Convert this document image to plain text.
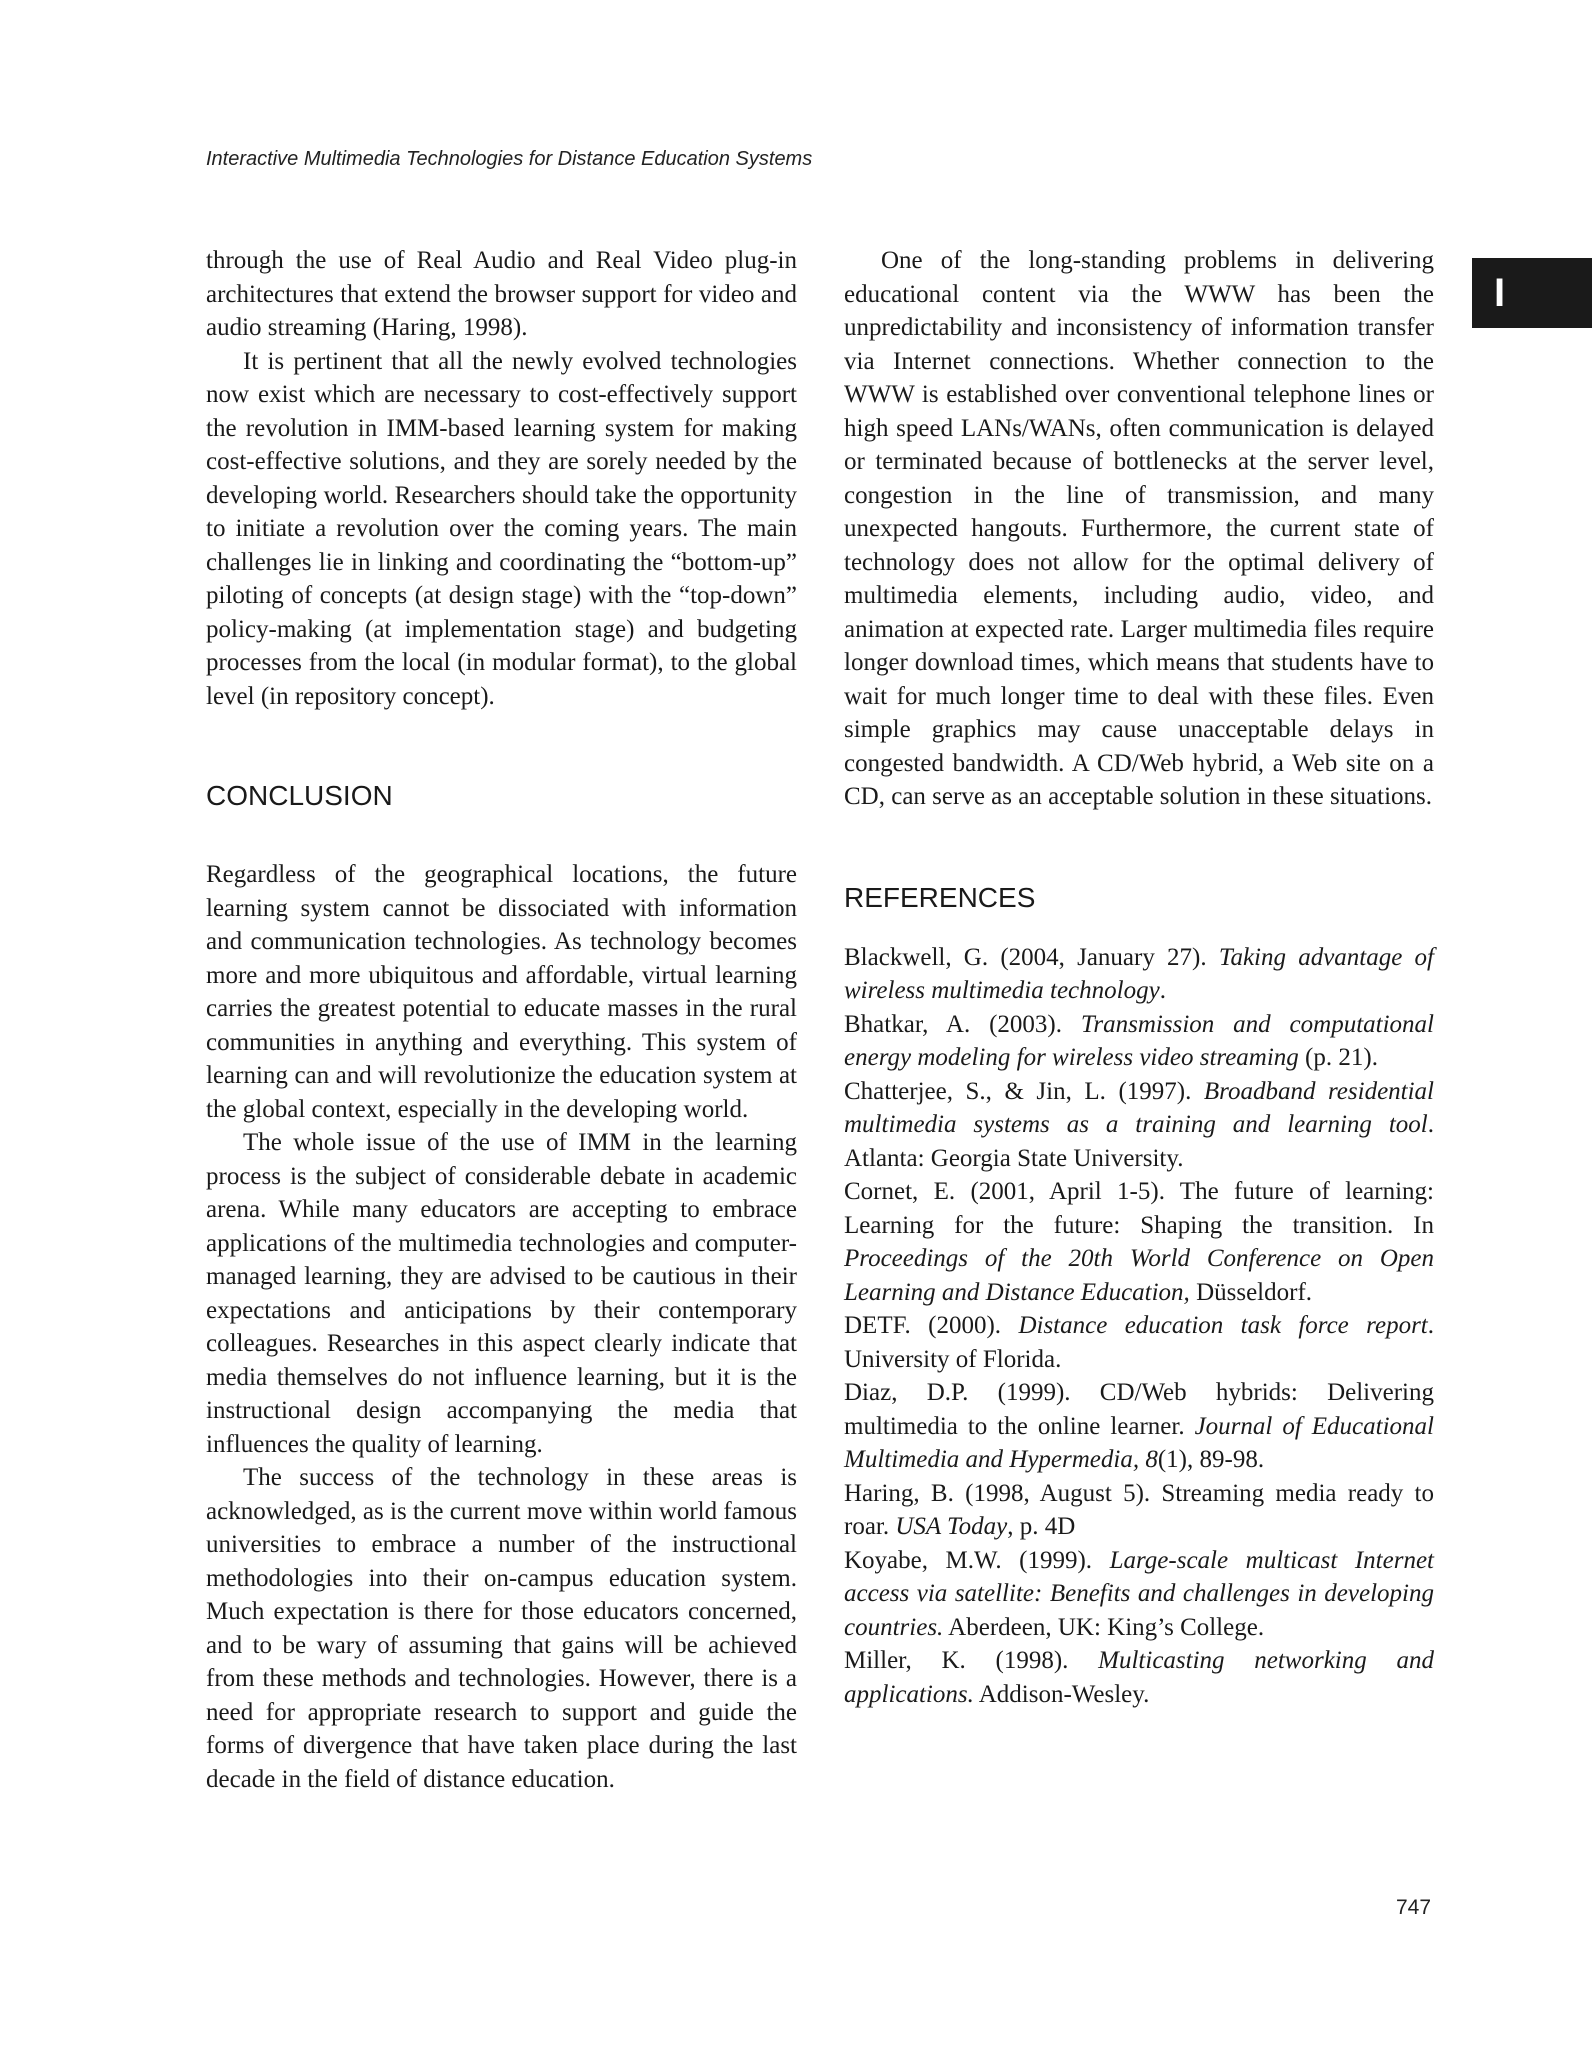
Interactive Multimedia Technologies for Distance Education Systems
I

through the use of Real Audio and Real Video plug-in architectures that extend the browser support for video and audio streaming (Haring, 1998).

It is pertinent that all the newly evolved technologies now exist which are necessary to cost-effectively support the revolution in IMM-based learning system for making cost-effective solutions, and they are sorely needed by the developing world. Researchers should take the opportunity to initiate a revolution over the coming years. The main challenges lie in linking and coordinating the “bottom-up” piloting of concepts (at design stage) with the “top-down” policy-making (at implementation stage) and budgeting processes from the local (in modular format), to the global level (in repository concept).

CONCLUSION

Regardless of the geographical locations, the future learning system cannot be dissociated with information and communication technologies. As technology becomes more and more ubiquitous and affordable, virtual learning carries the greatest potential to educate masses in the rural communities in anything and everything. This system of learning can and will revolutionize the education system at the global context, especially in the developing world.

The whole issue of the use of IMM in the learning process is the subject of considerable debate in academic arena. While many educators are accepting to embrace applications of the multimedia technologies and computer-managed learning, they are advised to be cautious in their expectations and anticipations by their contemporary colleagues. Researches in this aspect clearly indicate that media themselves do not influence learning, but it is the instructional design accompanying the media that influences the quality of learning.

The success of the technology in these areas is acknowledged, as is the current move within world famous universities to embrace a number of the instructional methodologies into their on-campus education system. Much expectation is there for those educators concerned, and to be wary of assuming that gains will be achieved from these methods and technologies. However, there is a need for appropriate research to support and guide the forms of divergence that have taken place during the last decade in the field of distance education.

One of the long-standing problems in delivering educational content via the WWW has been the unpredictability and inconsistency of information transfer via Internet connections. Whether connection to the WWW is established over conventional telephone lines or high speed LANs/WANs, often communication is delayed or terminated because of bottlenecks at the server level, congestion in the line of transmission, and many unexpected hangouts. Furthermore, the current state of technology does not allow for the optimal delivery of multimedia elements, including audio, video, and animation at expected rate. Larger multimedia files require longer download times, which means that students have to wait for much longer time to deal with these files. Even simple graphics may cause unacceptable delays in congested bandwidth. A CD/Web hybrid, a Web site on a CD, can serve as an acceptable solution in these situations.

REFERENCES

Blackwell, G. (2004, January 27). Taking advantage of wireless multimedia technology.

Bhatkar, A. (2003). Transmission and computational energy modeling for wireless video streaming (p. 21).

Chatterjee, S., & Jin, L. (1997). Broadband residential multimedia systems as a training and learning tool. Atlanta: Georgia State University.

Cornet, E. (2001, April 1-5). The future of learning: Learning for the future: Shaping the transition. In Proceedings of the 20th World Conference on Open Learning and Distance Education, Düsseldorf.

DETF. (2000). Distance education task force report. University of Florida.

Diaz, D.P. (1999). CD/Web hybrids: Delivering multimedia to the online learner. Journal of Educational Multimedia and Hypermedia, 8(1), 89-98.

Haring, B. (1998, August 5). Streaming media ready to roar. USA Today, p. 4D

Koyabe, M.W. (1999). Large-scale multicast Internet access via satellite: Benefits and challenges in developing countries. Aberdeen, UK: King’s College.

Miller, K. (1998). Multicasting networking and applications. Addison-Wesley.

747
